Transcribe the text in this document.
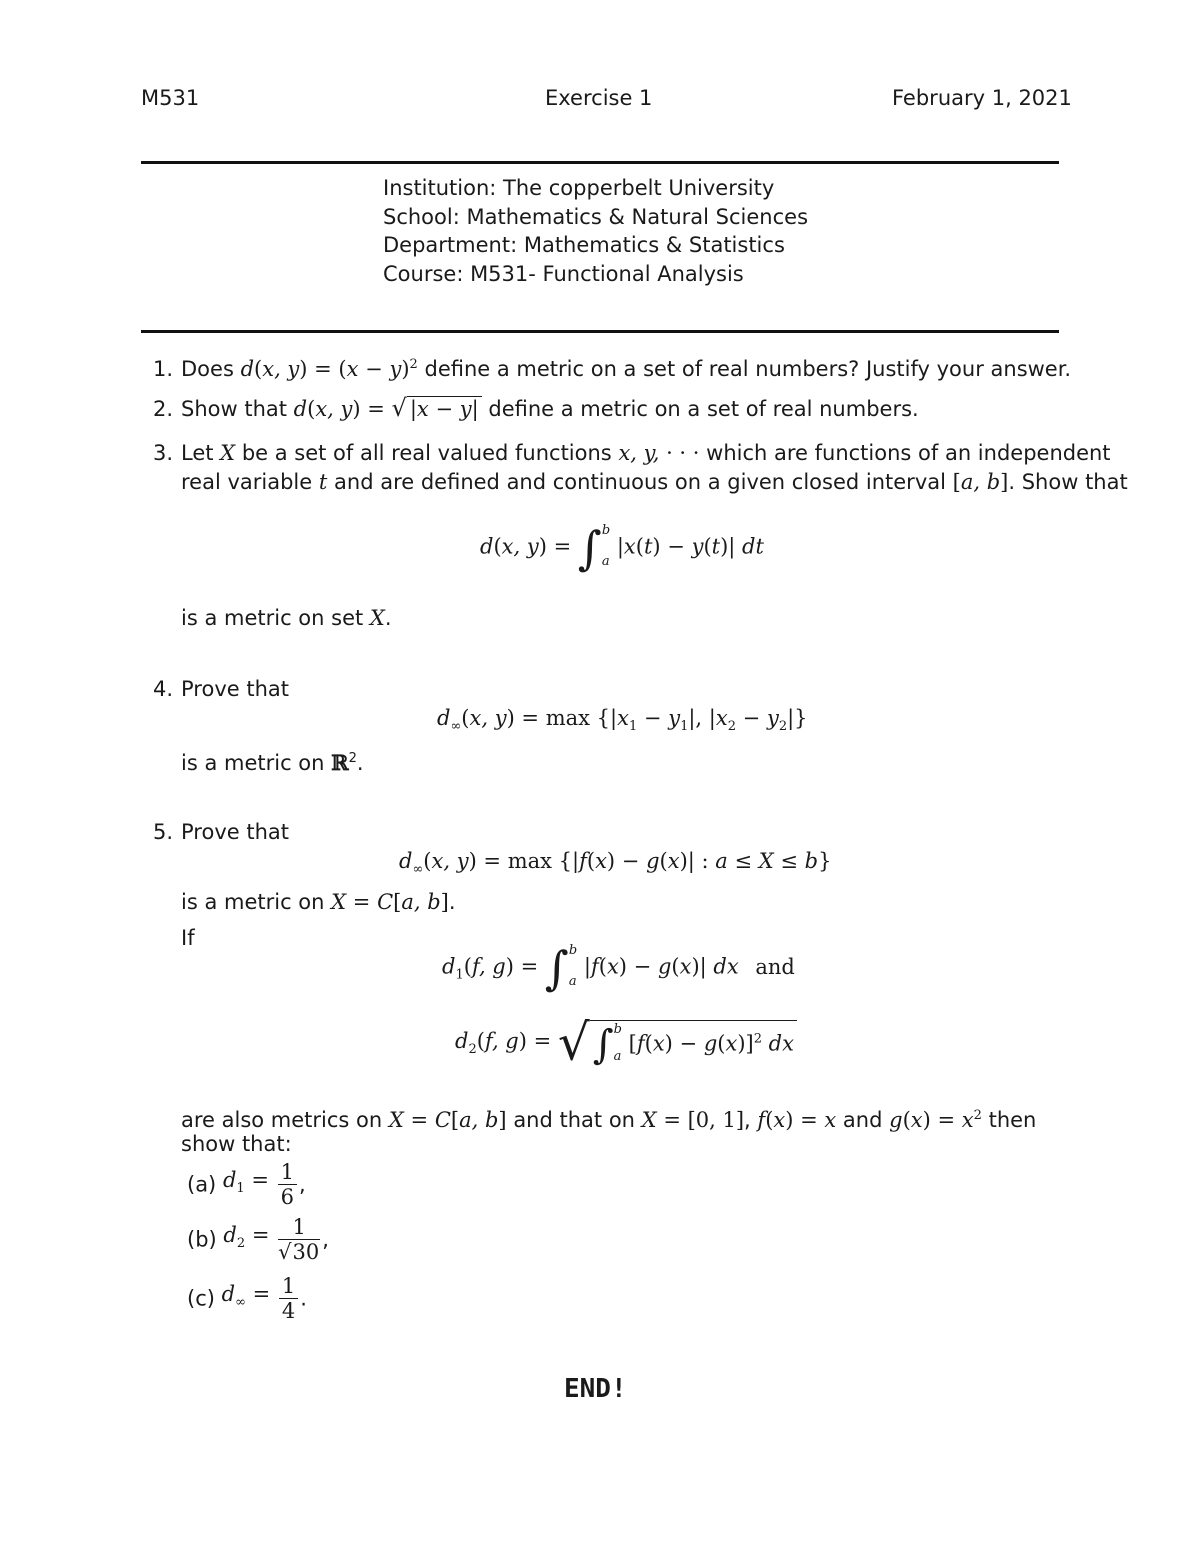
M531	Exercise 1	February 1, 2021
Institution: The copperbelt University
School: Mathematics & Natural Sciences
Department: Mathematics & Statistics
Course: M531- Functional Analysis
1. Does d(x, $y) = (x - y)^2$ define a metric on a set of real numbers? Justify your answer.
2. Show that d(x, y) = √ |x − y| define a metric on a set of real numbers.
3. Let X be a set of all real valued functions x, y, · · · which are functions of an independent
real variable t and are defined and continuous on a given closed interval [a, b]. Show that
d(x, y) = ∫ b
a
|x(t) − y(t)| dt
is a metric on set X.
4. Prove that
$d_\infty(x$, $y) = \max \{|x_1 - y_1|$, $|x_2 - y_2|$}
is a metric on ℝ$^2$.
5. Prove that
$d_\infty(x$, y) = max {|f(x) − g(x)| : a ≤ X ≤ b}
is a metric on X = C[a, b].
If
$d_1(f$, g) = ∫ b
a
|f(x) − g(x)| dx and
$d_2(f$, g) = √∫ b
a
$[f(x) - g(x)]^2$ dx
are also metrics on X = C[a, b] and that on X = [0, 1], f(x) = x and $g(x) = x^2$ then
show that:
(a) $d_1 = \frac{1}{6}$ ,
(b) $d_2 = \frac{1}{√30}$ ,
(c) $d_\infty = \frac{1}{4}$ .
END!
